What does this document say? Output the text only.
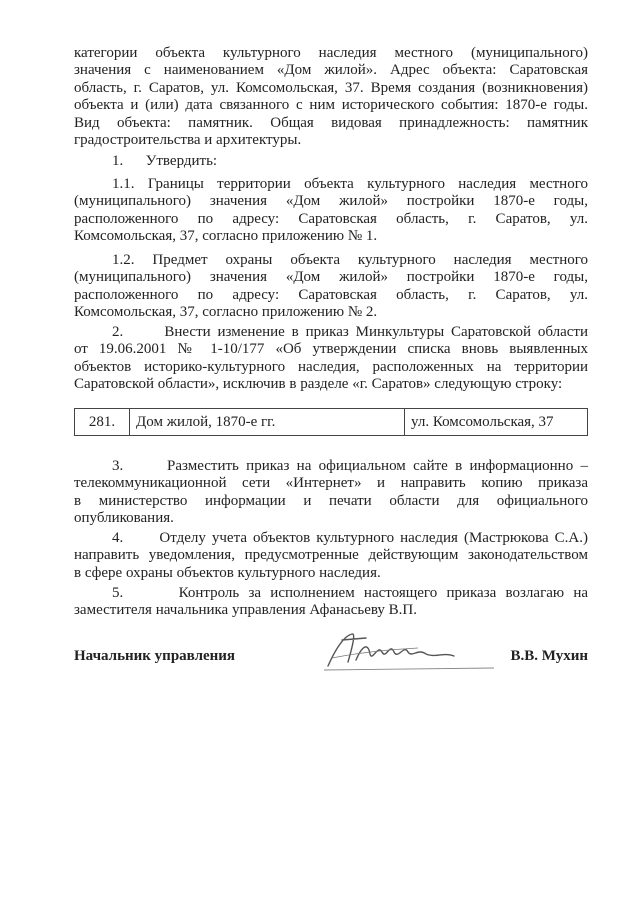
категории объекта культурного наследия местного (муниципального)
значения с наименованием «Дом жилой». Адрес объекта: Саратовская
область, г. Саратов, ул. Комсомольская, 37. Время создания (возникновения)
объекта и (или) дата связанного с ним исторического события: 1870-е годы.
Вид объекта: памятник. Общая видовая принадлежность: памятник
градостроительства и архитектуры.
1.      Утвердить:
1.1. Границы территории объекта культурного наследия местного
(муниципального) значения «Дом жилой» постройки 1870-е годы,
расположенного по адресу: Саратовская область, г. Саратов, ул.
Комсомольская, 37, согласно приложению № 1.
1.2. Предмет охраны объекта культурного наследия местного
(муниципального) значения «Дом жилой» постройки 1870-е годы,
расположенного по адресу: Саратовская область, г. Саратов, ул.
Комсомольская, 37, согласно приложению № 2.
2.      Внести изменение в приказ Минкультуры Саратовской области
от 19.06.2001 № 1-10/177 «Об утверждении списка вновь выявленных
объектов историко-культурного наследия, расположенных на территории
Саратовской области», исключив в разделе «г. Саратов» следующую строку:
281.	Дом жилой, 1870-е гг.	ул. Комсомольская, 37
3.      Разместить приказ на официальном сайте в информационно –
телекоммуникационной сети «Интернет» и направить копию приказа
в министерство информации и печати области для официального
опубликования.
4.      Отделу учета объектов культурного наследия (Мастрюкова С.А.)
направить уведомления, предусмотренные действующим законодательством
в сфере охраны объектов культурного наследия.
5.      Контроль за исполнением настоящего приказа возлагаю на
заместителя начальника управления Афанасьеву В.П.
Начальник управления	В.В. Мухин
